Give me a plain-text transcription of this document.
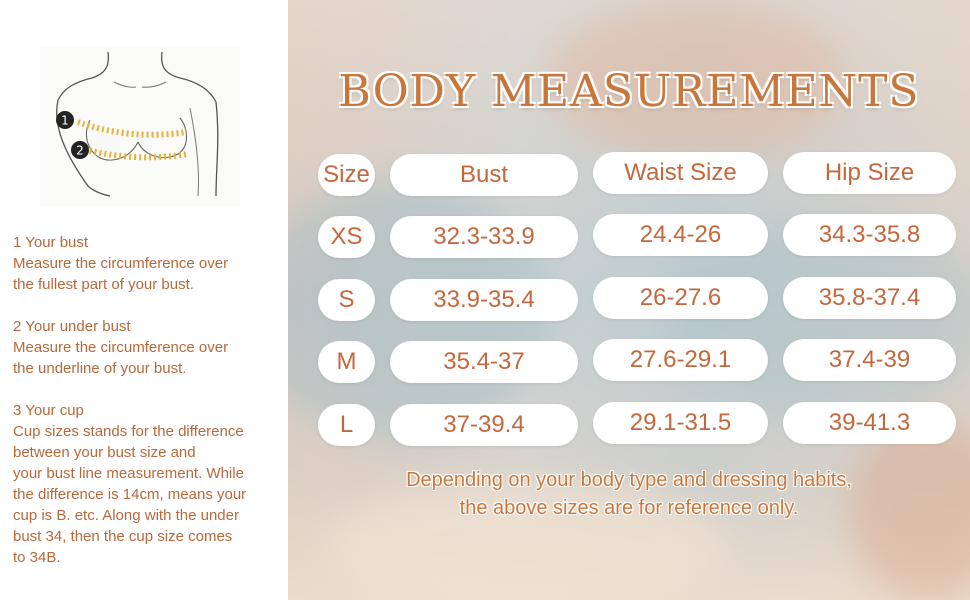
1
2

1 Your bust
Measure the circumference over
the fullest part of your bust.

2 Your under bust
Measure the circumference over
the underline of your bust.

3 Your cup
Cup sizes stands for the difference
between your bust size and
your bust line measurement. While
the difference is 14cm, means your
cup is B. etc. Along with the under
bust 34, then the cup size comes
to 34B.

BODY MEASUREMENTS
Size	Bust	Waist Size	Hip Size
XS	32.3-33.9	24.4-26	34.3-35.8
S	33.9-35.4	26-27.6	35.8-37.4
M	35.4-37	27.6-29.1	37.4-39
L	37-39.4	29.1-31.5	39-41.3
Depending on your body type and dressing habits,
the above sizes are for reference only.
